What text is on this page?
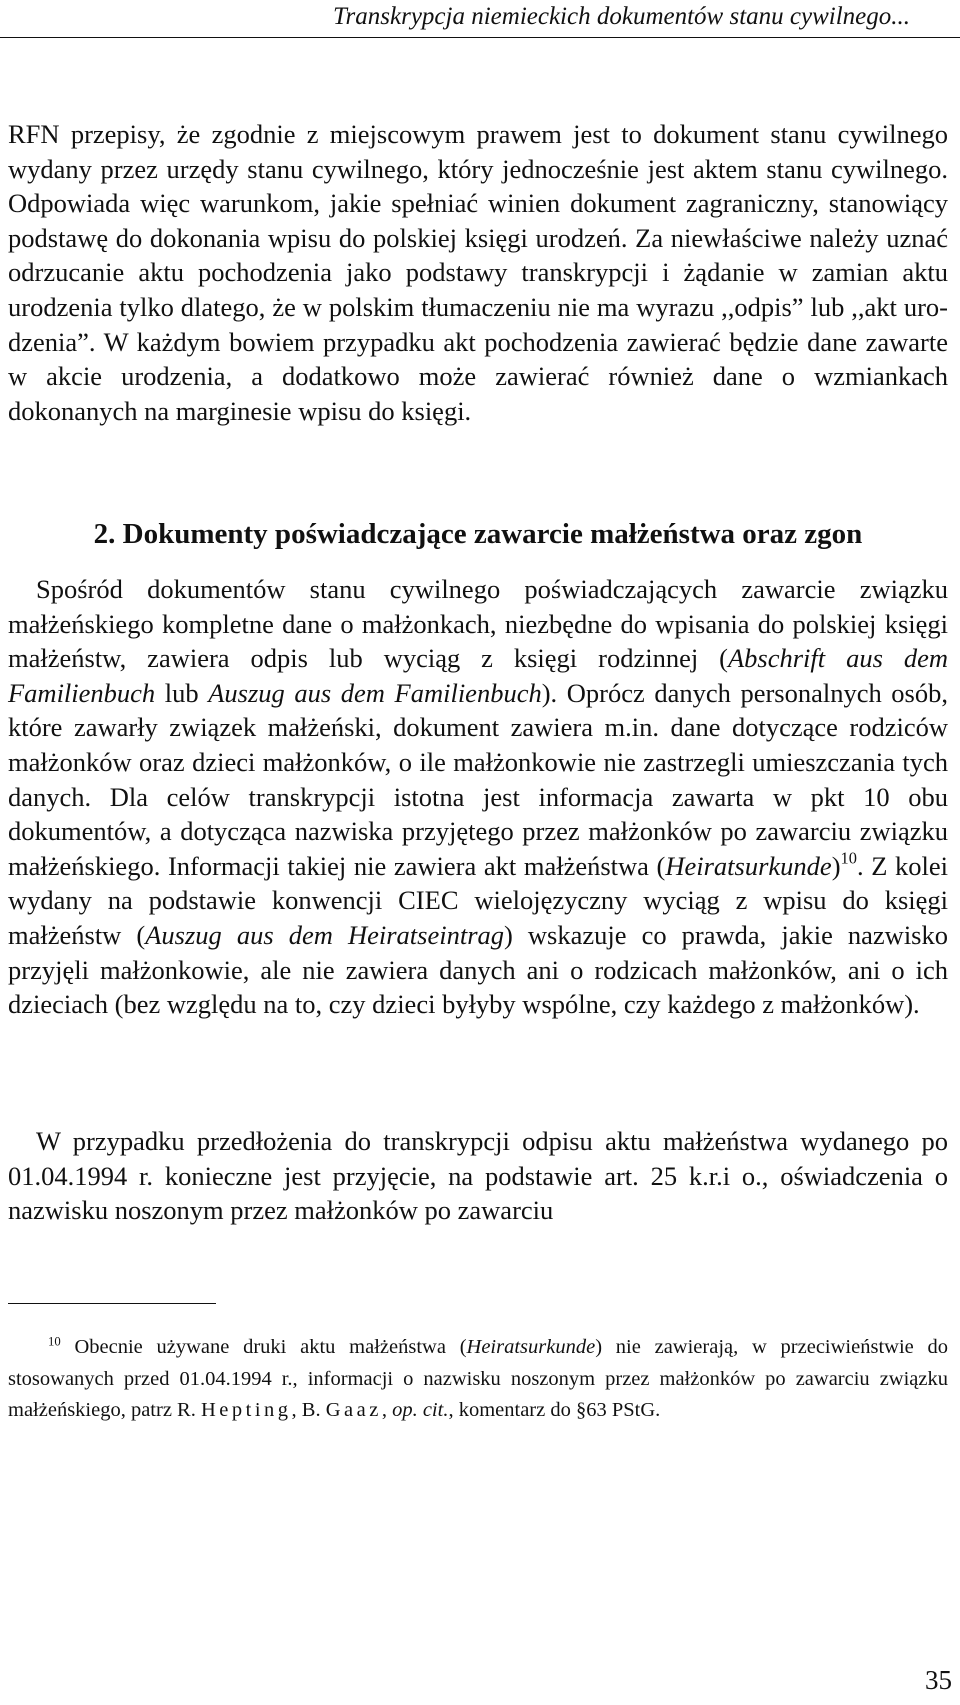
Transkrypcja niemieckich dokumentów stanu cywilnego...
RFN przepisy, że zgodnie z miejscowym prawem jest to dokument stanu cywilnego wydany przez urzędy stanu cywilnego, który jednocześnie jest aktem stanu cywilnego. Odpowiada więc warunkom, jakie spełniać winien dokument zagraniczny, stanowiący podstawę do dokonania wpisu do polskiej księgi urodzeń. Za niewłaściwe należy uznać odrzucanie aktu pochodzenia jako podstawy transkrypcji i żądanie w zamian aktu urodzenia tylko dlatego, że w polskim tłumaczeniu nie ma wyrazu ,,odpis” lub ,,akt urodzenia”. W każdym bowiem przypadku akt pochodzenia zawierać będzie dane zawarte w akcie urodzenia, a dodatkowo może zawierać również dane o wzmiankach dokonanych na marginesie wpisu do księgi.
2. Dokumenty poświadczające zawarcie małżeństwa oraz zgon
Spośród dokumentów stanu cywilnego poświadczających zawarcie związku małżeńskiego kompletne dane o małżonkach, niezbędne do wpisania do polskiej księgi małżeństw, zawiera odpis lub wyciąg z księgi rodzinnej (Abschrift aus dem Familienbuch lub Auszug aus dem Familienbuch). Oprócz danych personalnych osób, które zawarły związek małżeński, dokument zawiera m.in. dane dotyczące rodziców małżonków oraz dzieci małżonków, o ile małżonkowie nie zastrzegli umieszczania tych danych. Dla celów transkrypcji istotna jest informacja zawarta w pkt 10 obu dokumentów, a dotycząca nazwiska przyjętego przez małżonków po zawarciu związku małżeńskiego. Informacji takiej nie zawiera akt małżeństwa (Heiratsurkunde)$^{10}$. Z kolei wydany na podstawie konwencji CIEC wielojęzyczny wyciąg z wpisu do księgi małżeństw (Auszug aus dem Heiratseintrag) wskazuje co prawda, jakie nazwisko przyjęli małżonkowie, ale nie zawiera danych ani o rodzicach małżonków, ani o ich dzieciach (bez względu na to, czy dzieci byłyby wspólne, czy każdego z małżonków).
W przypadku przedłożenia do transkrypcji odpisu aktu małżeństwa wydanego po 01.04.1994 r. konieczne jest przyjęcie, na podstawie art. 25 k.r.i o., oświadczenia o nazwisku noszonym przez małżonków po zawarciu
$^{10}$ Obecnie używane druki aktu małżeństwa (Heiratsurkunde) nie zawierają, w przeciwieństwie do stosowanych przed 01.04.1994 r., informacji o nazwisku noszonym przez małżonków po zawarciu związku małżeńskiego, patrz R. Hepting, B. Gaaz, op. cit., komentarz do §63 PStG.
35
